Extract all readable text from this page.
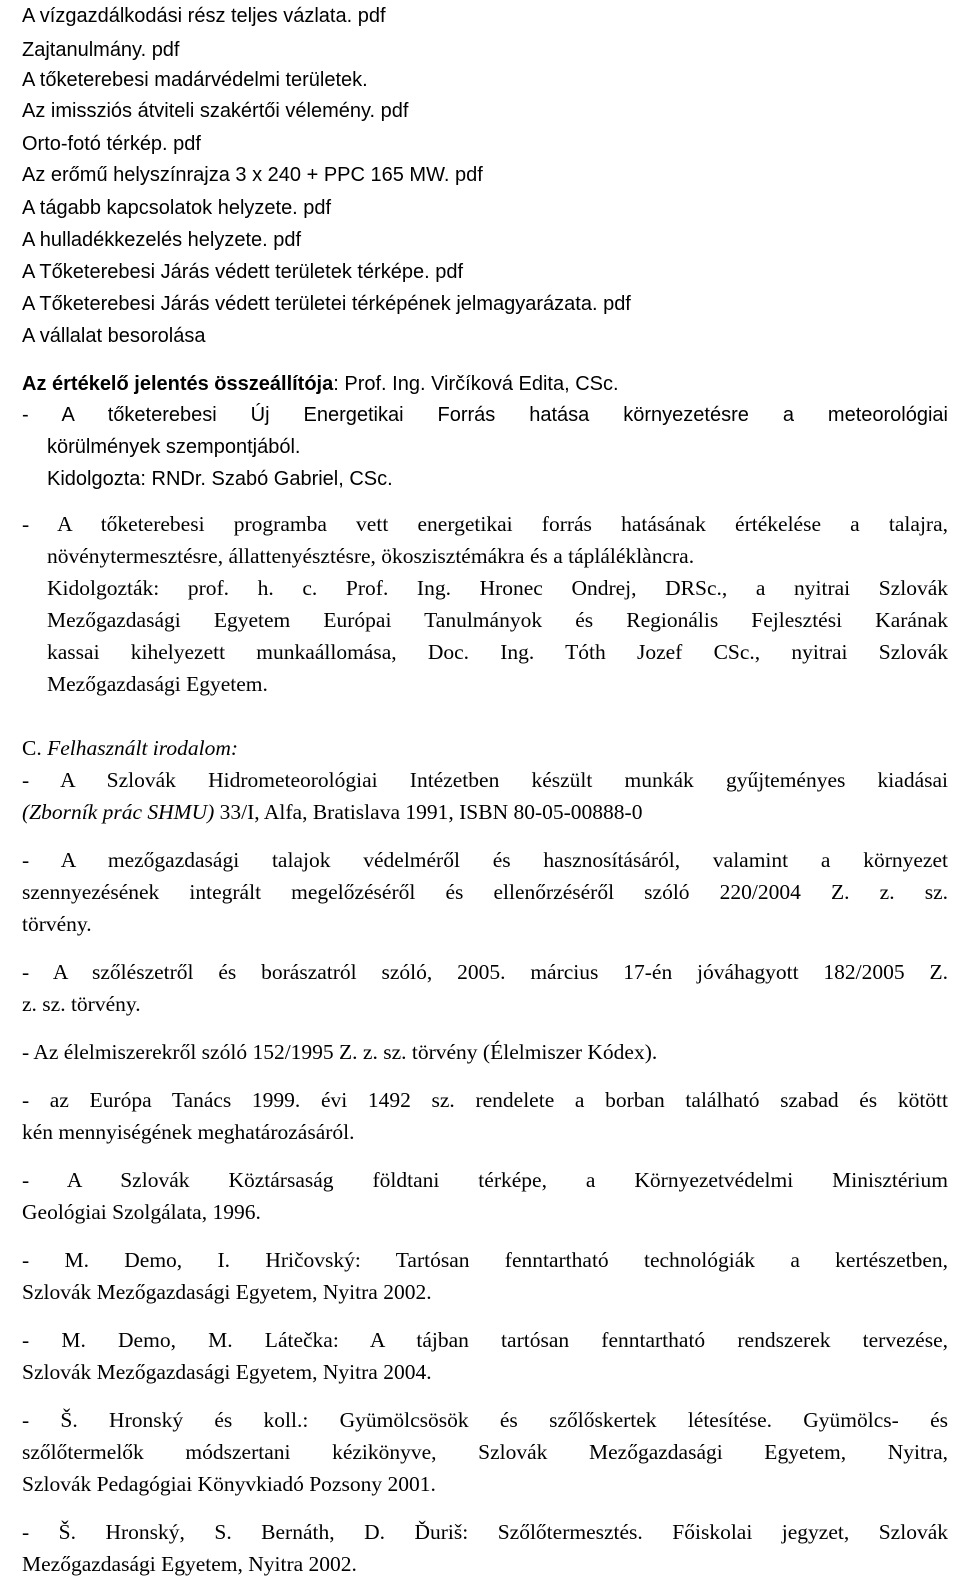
A vízgazdálkodási rész teljes vázlata. pdf
Zajtanulmány. pdf
A tőketerebesi madárvédelmi területek.
Az imissziós átviteli szakértői vélemény. pdf
Orto-fotó térkép. pdf
Az erőmű helyszínrajza 3 x 240 + PPC 165 MW. pdf
A tágabb kapcsolatok helyzete. pdf
A hulladékkezelés helyzete. pdf
A Tőketerebesi Járás védett területek térképe. pdf
A Tőketerebesi Járás védett területei térképének jelmagyarázata. pdf
A vállalat besorolása
Az értékelő jelentés összeállítója: Prof. Ing. Virčíková Edita, CSc.
- A tőketerebesi Új Energetikai Forrás hatása környezetésre a meteorológiai
körülmények szempontjából.
Kidolgozta: RNDr. Szabó Gabriel, CSc.
- A tőketerebesi programba vett energetikai forrás hatásának értékelése a talajra,
növénytermesztésre, állattenyésztésre, ökoszisztémákra és a tápláléklàncra.
Kidolgozták: prof. h. c. Prof. Ing. Hronec Ondrej, DRSc., a nyitrai Szlovák
Mezőgazdasági Egyetem Európai Tanulmányok és Regionális Fejlesztési Karának
kassai kihelyezett munkaállomása, Doc. Ing. Tóth Jozef CSc., nyitrai Szlovák
Mezőgazdasági Egyetem.
C. Felhasznált irodalom:
- A Szlovák Hidrometeorológiai Intézetben készült munkák gyűjteményes kiadásai
(Zborník prác SHMU) 33/I, Alfa, Bratislava 1991, ISBN 80-05-00888-0
- A mezőgazdasági talajok védelméről és hasznosításáról, valamint a környezet
szennyezésének integrált megelőzéséről és ellenőrzéséről szóló 220/2004 Z. z. sz.
törvény.
- A szőlészetről és borászatról szóló, 2005. március 17-én jóváhagyott 182/2005 Z.
z. sz. törvény.
- Az élelmiszerekről szóló 152/1995 Z. z. sz. törvény (Élelmiszer Kódex).
- az Európa Tanács 1999. évi 1492 sz. rendelete a borban található szabad és kötött
kén mennyiségének meghatározásáról.
- A Szlovák Köztársaság földtani térképe, a Környezetvédelmi Minisztérium
Geológiai Szolgálata, 1996.
- M. Demo, I. Hričovský: Tartósan fenntartható technológiák a kertészetben,
Szlovák Mezőgazdasági Egyetem, Nyitra 2002.
- M. Demo, M. Látečka: A tájban tartósan fenntartható rendszerek tervezése,
Szlovák Mezőgazdasági Egyetem, Nyitra 2004.
- Š. Hronský és koll.: Gyümölcsösök és szőlőskertek létesítése. Gyümölcs- és
szőlőtermelők módszertani kézikönyve, Szlovák Mezőgazdasági Egyetem, Nyitra,
Szlovák Pedagógiai Könyvkiadó Pozsony 2001.
- Š. Hronský, S. Bernáth, D. Ďuriš: Szőlőtermesztés. Főiskolai jegyzet, Szlovák
Mezőgazdasági Egyetem, Nyitra 2002.
